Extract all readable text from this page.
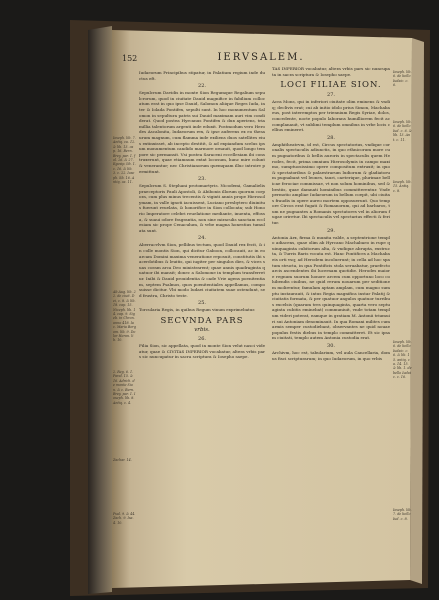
152	IERVSALEM.
Ioseph. lib. 7. Antiq. ca. 12. & lib. 13. cap. 16. Bern. Brey. par. 1. fol. 26. & 27. Egesip. lib. 1. c. 16. & lib. 3. c. 22. Ioseph. lib. 16. Antiq. ca. 11.
Ab Aug. lib. 22. de ciuit. Dei, c. 8. & lib. 18. cap. 15. Niceph. lib. 14. cap. 9. Sigeb. in Chron. anno 418. Iac. Maria Bergom. lib. 9. Dolor Heron. lib. 10.
2. Reg. 6. 1. Paral. 15. & 16. Adrich. de monte Sion. & c. Bern. Brey. par. 1. Ioseph. lib. 8. Antiq. c. 4.
Zachar. 14.
Psal. 9. & 44. Zach. 9. Isa. 4. 10.

Iudaeorum Principibus stipatur, in Palatium regium inde ductus eft.

22.

Sepulcrum Davidis in monte Sion Regumque Regalium sepulcrorum, quod in ciuitate Dauid magnifice in fabilium collocatum erat in quo ipse Dauid, Salomon aliique Reges Iuda, inter & Iolada Pontifex, sepulti sunt. In hoc monumentum Salomon in sepultura patris sui Dauid maximam auri vim condiderat. Quod postea Hyrcanus Pontifex & dux aperiens, tria millia talentorum argenti inde eduxit. Postmodum vero Herodes Ascalonita, Iudaeorum rex, & ipse auferens ex eo thesaurum magnum, cum flamma inde exiliens duos satellites eius extinxisset, ab incepto destitit, & ad expiandum scelus ipsum monumentum candido marmore ornauit, quod longo tempore sic permansit. Vsi postea Saraceni eccellesiam ibi construxerunt, quae etiamnum extat Iocosum, hunc mire colunt & venerantur; nec Christianorum quemquam illuc introire permittunt.

23.

Sepulcrum S. Stephani protomartyris. Nicodemi, Gamalielis praeceptoris Pauli Apostoli, & Abibonis illorum quorum corpora, cum plus minus trecentis & viginti annis prope Hierosolymam, in valle ignoti iacuissent, Luciano presbytero diuinitus fuerunt reuelata, & honorifice in Sion collocata; sub Honorio Imperatore celebri reuelatione mediante, inuenta, effossa, & suaui odore fragrantia, non sine miraculis sanctam ecclesiam sic prope Cenaculum, & vrbe magna honestius tumulata sunt.

24.

Aberracvlvm Sion, pellibus tectum, quod Dauid rex fecit, & in colle montis Sion, qui dicitur Gaboon, collocauit, ac in eo arcam Domini maxima veneratione reposuit, constitutis ibi sacerdotibus & leuitis, qui iugiter per singulos dies, & vices suas coram arca Deo ministrarent; quae annis quadraginta quatuor ibi mansit; donec a Salomone in templum transferretur. Inibi & Dauid prouidentia & cade Vrie agens poenitentiam, septem Psalmos, quos poenitentiales appellamus, composuisse dicitur. Vbi modo Iudaei ciuitatem suae ostendunt, sed frustra, Christo teste.

25.

Torcularia Regis, in quibus Regum vinum exprimebatur.

SECVNDA PARS
vrbis.
26.

Filia Sion, sic appellata, quod in monte Sion velut nasci videatur, quae & CIVITAS INFERIOR vocabatur, altera vrbis pars sic nuncupatur in sacra scriptura & Iosepho saepe.

Ioseph. lib. 6. de bello Iudaic. c. 6.
Ioseph. lib. 6. de bello Iud. c. 6. & lib. 13. Ant. c. 11.
Ioseph. lib. 15. Antiq. c. 8.
Ioseph. lib. 6. de bello Iudaic. c. 6. & lib. 15. antiq. ca. 14. 15. & lib. 1. de bello Iudaic. c. 16.
Ioseph. lib. 7. de bello Iud. c. 8.

TAS INFERIOR vocabatur, altera vrbis pars sic nuncupata in sacra scriptura & Iosepho saepe.

LOCI FILIAE SION.
27.

Acra Mons, qui in inferiori ciuitate olim eminens & vndiq; declivis erat; cui ab initio idolo prius Simon, Machabaeus, post interemptos per triennium Regis Syriae, dolos, concedente, nocte populo laborans humilliorem fecit ac complanauit, vt sublimi templum omnibus in vrbe locis cellius emineret.

28.

Amphitheatrvm, id est, Circus spectatorius, vndique coronalis spectaculis adiunctis, in quo ethnicorum more cum pugnatoribus & bellis auroris in spectaculis quem Herodes, fecit, prima omnium Hierosolymis in campo maximo, sumptuosissimo opere compositum extruxit; in quo & spectatoribus & palaestrarum ludiorum & gladiatorum pugnabant vel leones, tauri, caeterique, plurimae bellicae ferociae commissae, vt non solum hominibus, sed & bestiis, quae damnati hominibus committerentur. Vnde permotio ampliae Iudaeorum in bellum coepit, ubi ciuitas fraudis in opere aureo mortem opposuerunt. Quo tempore Circos erat fugati & Romanorum, qui ad barbaros, tum ne pugnantes a Romanis spectatores vel in aliorum fugae oriretur. Ibi spectaculis vel spectarius effecti & feritur.

29.

Antonia Arx, firma & munita valde, a septentrione templo adiacens, quae olim ab Hyrcano Machabaeo in rupe quinquaginta cubitorum alta, & vndique abrupta, exstructa, & Turris Baris vocata est. Hanc Pontifices a Machabaeis orti vsq; ad Herodem incoluerunt; in cella ad hoc spatum structa, in qua Pontificis stola seruabatur, praefecto arcis ascendentes ibi lucernam quotidie. Herodes maiore regnum suorum honore arcem cum opportuno loco cohibendis ciuibus, ne quid rerum nouarum per seditionem molirentur, famulam aptam amplam, cum magno sumptu instaurauit, & intus Regia magnifica instar Palatij & ciuitatis formata, & per quatuor angulos quatuor turribus excelsis (quarum tres quinquaginta, quarta vero septuaginta cubitis eminebat) communiuit, vnde totam templum videri poterat, eamque in gratiam M. Antonii triumuiri sui Antoniam denominauit. In qua Romani milites cum armis semper custodiebant, observantes ne quid nouae populus festis diebus in templo committeret. Et sic ipsam ciuitati, templo autem Antonia custodia erat.

30.

Archivm, hoc est, tabularium, vel aula Cancellaria, domus fisci scripturarum; in quo Iudaeorum, in quo vrbis
